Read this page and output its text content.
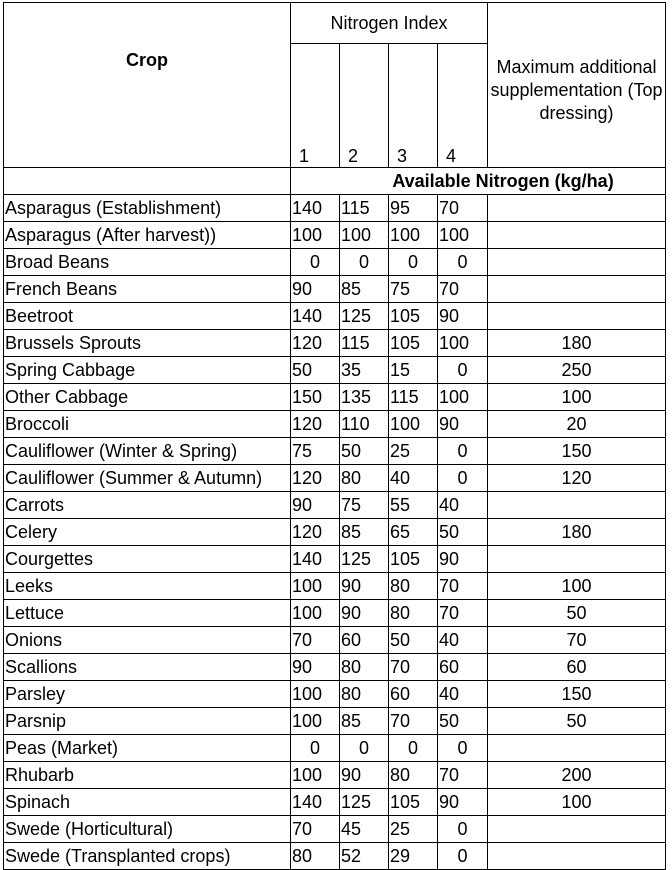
Crop	Nitrogen Index				Maximum additional supplementation (Top dressing)
	1	2	3	4	
	Available Nitrogen (kg/ha)				
Asparagus (Establishment)	140	115	95	70	
Asparagus (After harvest))	100	100	100	100	
Broad Beans	0	0	0	0	
French Beans	90	85	75	70	
Beetroot	140	125	105	90	
Brussels Sprouts	120	115	105	100	180
Spring Cabbage	50	35	15	0	250
Other Cabbage	150	135	115	100	100
Broccoli	120	110	100	90	20
Cauliflower (Winter & Spring)	75	50	25	0	150
Cauliflower (Summer & Autumn)	120	80	40	0	120
Carrots	90	75	55	40	
Celery	120	85	65	50	180
Courgettes	140	125	105	90	
Leeks	100	90	80	70	100
Lettuce	100	90	80	70	50
Onions	70	60	50	40	70
Scallions	90	80	70	60	60
Parsley	100	80	60	40	150
Parsnip	100	85	70	50	50
Peas (Market)	0	0	0	0	
Rhubarb	100	90	80	70	200
Spinach	140	125	105	90	100
Swede (Horticultural)	70	45	25	0	
Swede (Transplanted crops)	80	52	29	0	
